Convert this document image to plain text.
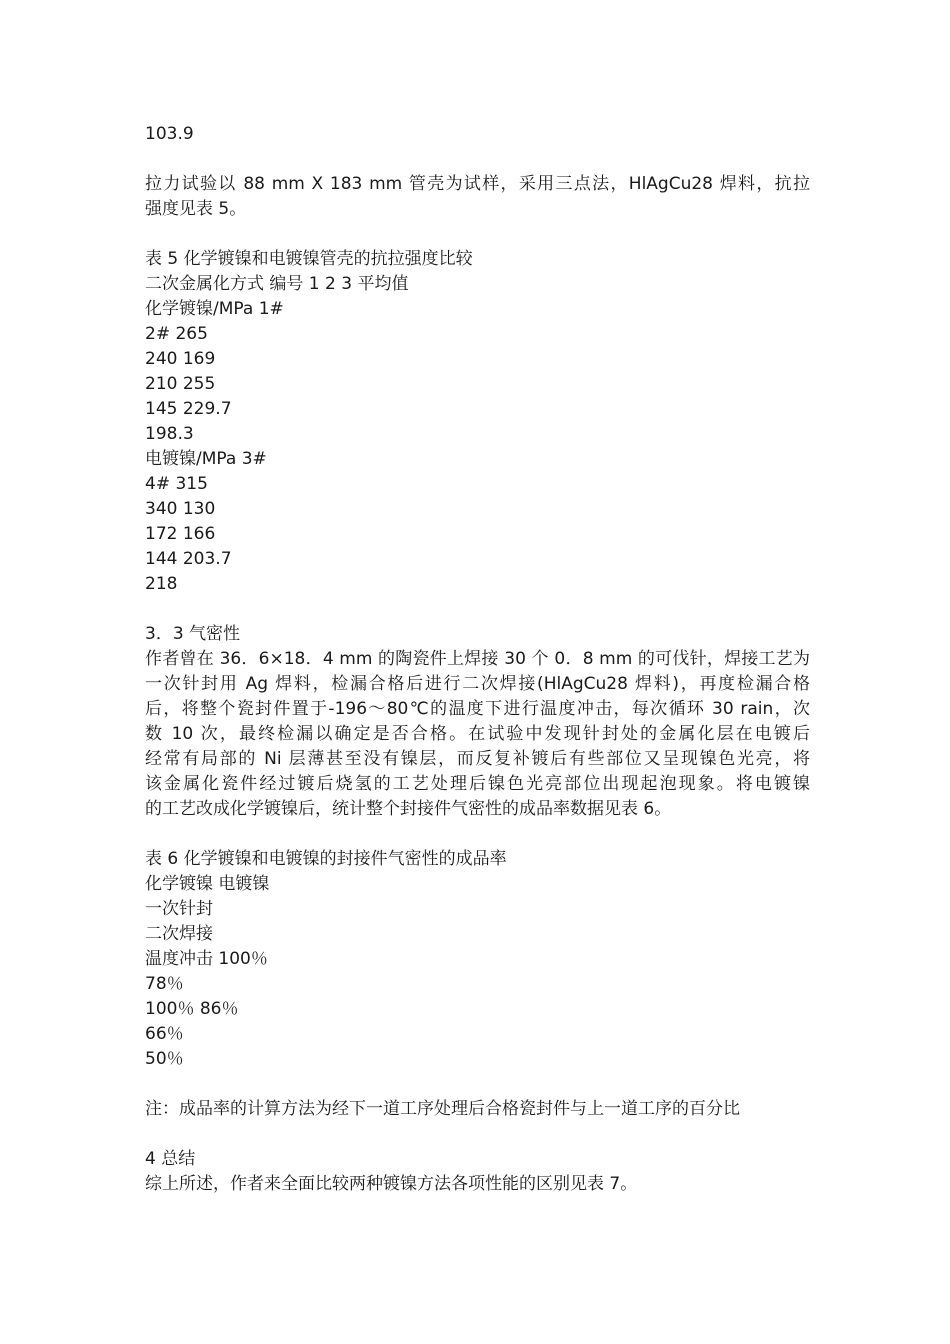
103.9
拉力试验以 88 mm X 183 mm 管壳为试样，采用三点法，HlAgCu28 焊料，抗拉
强度见表 5。
表 5 化学镀镍和电镀镍管壳的抗拉强度比较
二次金属化方式 编号 1 2 3 平均值
化学镀镍/MPa 1#
2# 265
240 169
210 255
145 229.7
198.3
电镀镍/MPa 3#
4# 315
340 130
172 166
144 203.7
218
3．3 气密性
作者曾在 36．6×18．4 mm 的陶瓷件上焊接 30 个 0．8 mm 的可伐针，焊接工艺为
一次针封用 Ag 焊料，检漏合格后进行二次焊接(HlAgCu28 焊料)，再度检漏合格
后，将整个瓷封件置于-196～80℃的温度下进行温度冲击，每次循环 30 rain，次
数 10 次，最终检漏以确定是否合格。在试验中发现针封处的金属化层在电镀后
经常有局部的 Ni 层薄甚至没有镍层，而反复补镀后有些部位又呈现镍色光亮，将
该金属化瓷件经过镀后烧氢的工艺处理后镍色光亮部位出现起泡现象。将电镀镍
的工艺改成化学镀镍后，统计整个封接件气密性的成品率数据见表 6。
表 6 化学镀镍和电镀镍的封接件气密性的成品率
化学镀镍 电镀镍
一次针封
二次焊接
温度冲击 100％
78％
100％ 86％
66％
50％
注：成品率的计算方法为经下一道工序处理后合格瓷封件与上一道工序的百分比
4 总结
综上所述，作者来全面比较两种镀镍方法各项性能的区别见表 7。
